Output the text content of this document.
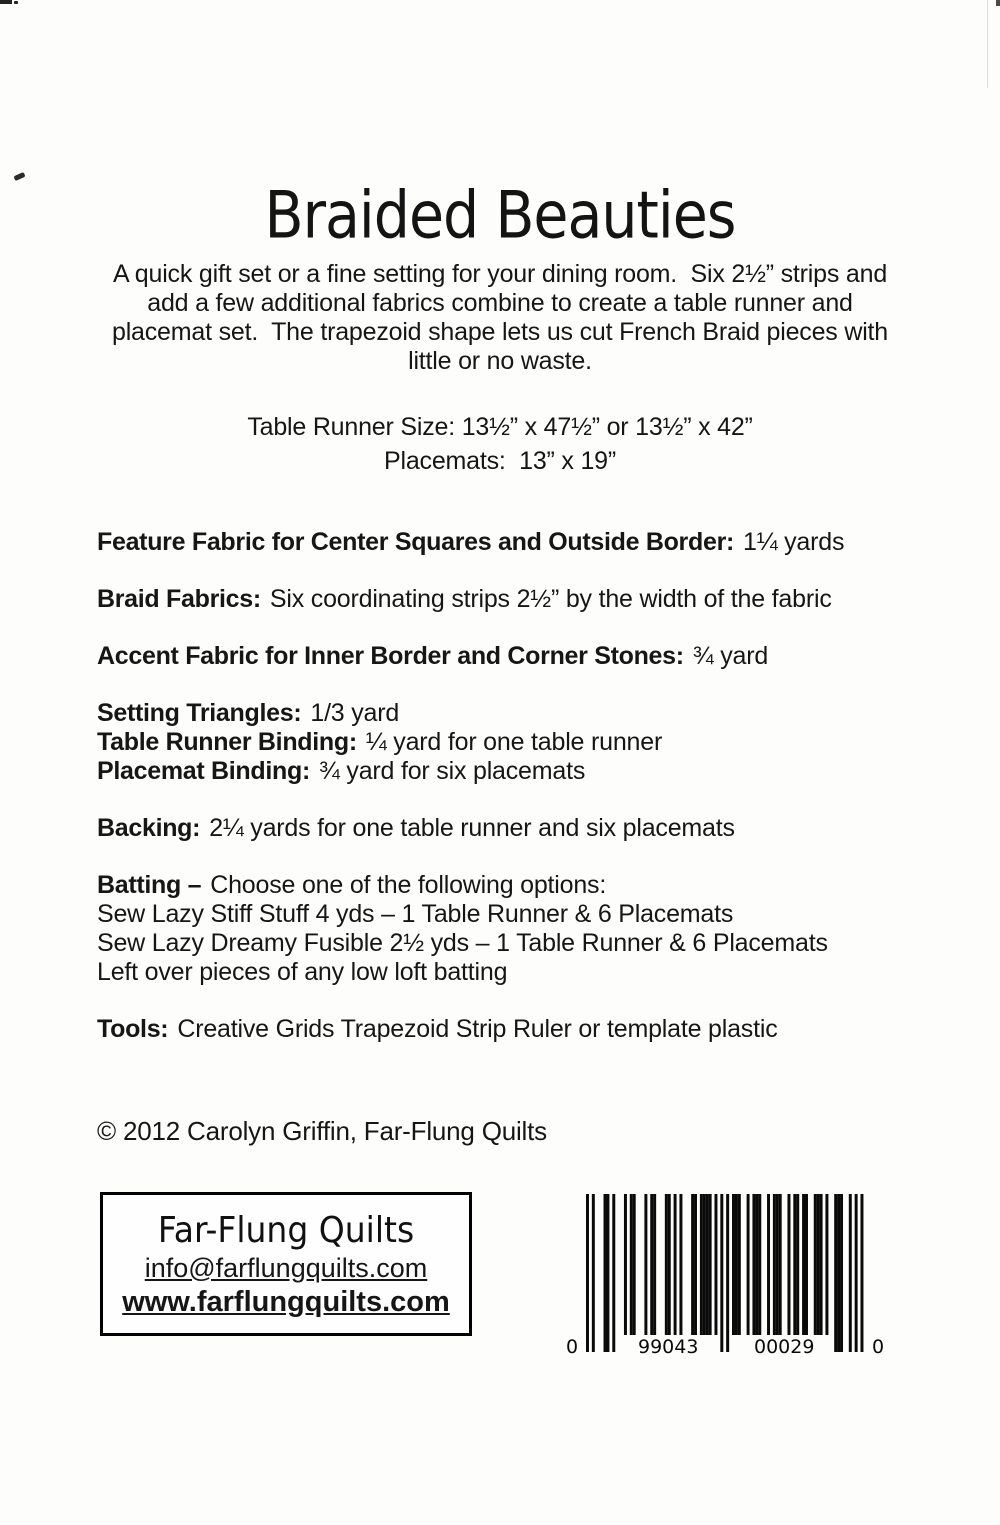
Braided Beauties
A quick gift set or a fine setting for your dining room.  Six 2½” strips and
add a few additional fabrics combine to create a table runner and
placemat set.  The trapezoid shape lets us cut French Braid pieces with
little or no waste.
Table Runner Size: 13½” x 47½” or 13½” x 42”
Placemats:  13” x 19”
Feature Fabric for Center Squares and Outside Border: 1¼ yards
Braid Fabrics: Six coordinating strips 2½” by the width of the fabric
Accent Fabric for Inner Border and Corner Stones: ¾ yard
Setting Triangles: 1/3 yard
Table Runner Binding: ¼ yard for one table runner
Placemat Binding: ¾ yard for six placemats
Backing: 2¼ yards for one table runner and six placemats
Batting – Choose one of the following options:
Sew Lazy Stiff Stuff 4 yds – 1 Table Runner & 6 Placemats
Sew Lazy Dreamy Fusible 2½ yds – 1 Table Runner & 6 Placemats
Left over pieces of any low loft batting
Tools: Creative Grids Trapezoid Strip Ruler or template plastic
© 2012 Carolyn Griffin, Far-Flung Quilts
Far-Flung Quilts
info@farflungquilts.com
www.farflungquilts.com
0	99043	00029	0
